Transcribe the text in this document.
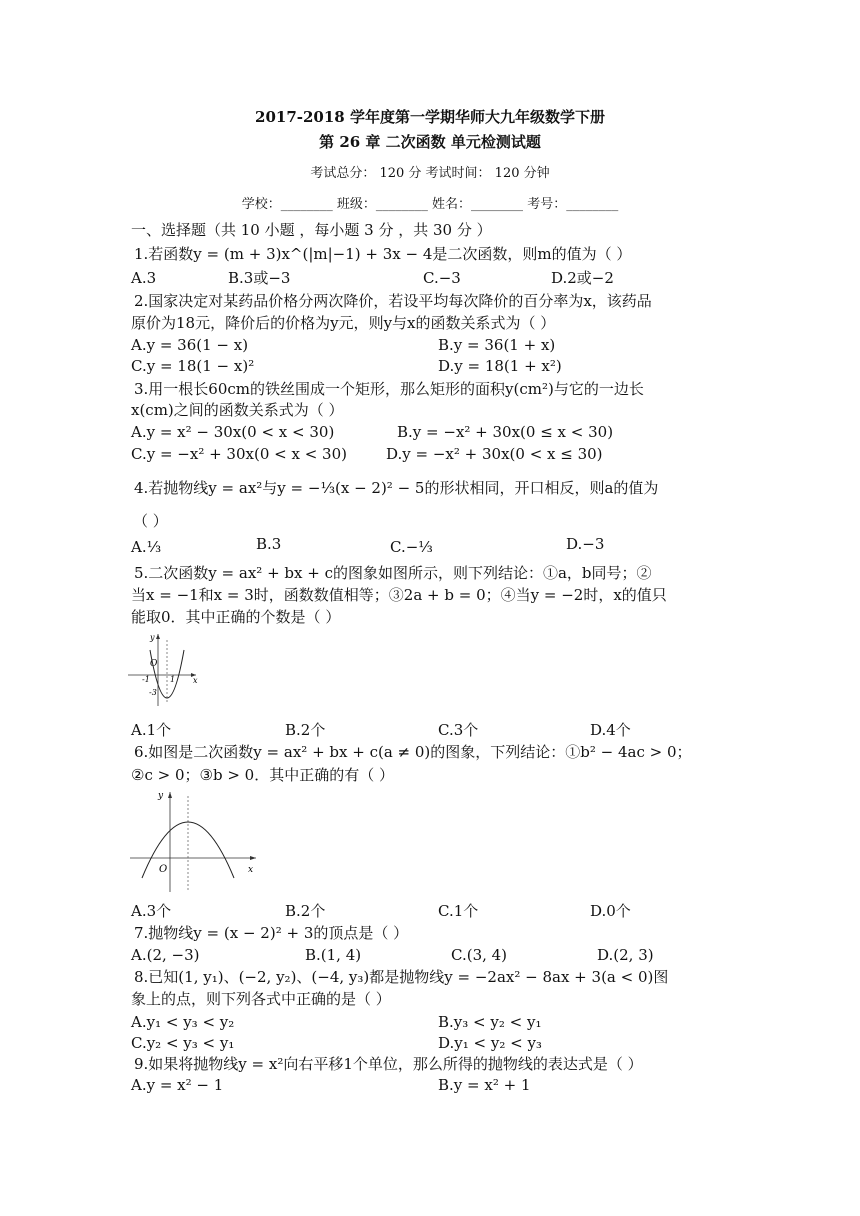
2017-2018 学年度第一学期华师大九年级数学下册
第 26 章 二次函数 单元检测试题
考试总分： 120 分 考试时间： 120 分钟
学校：________ 班级：________ 姓名：________ 考号：________
一、选择题（共 10 小题 ，每小题 3 分 ，共 30 分 ）
1.若函数y = (m + 3)x^(|m|−1) + 3x − 4是二次函数，则m的值为（ ）
A.3	B.3或−3	C.−3	D.2或−2
2.国家决定对某药品价格分两次降价，若设平均每次降价的百分率为x，该药品
原价为18元，降价后的价格为y元，则y与x的函数关系式为（ ）
A.y = 36(1 − x)	B.y = 36(1 + x)
C.y = 18(1 − x)²	D.y = 18(1 + x²)
3.用一根长60cm的铁丝围成一个矩形，那么矩形的面积y(cm²)与它的一边长
x(cm)之间的函数关系式为（ ）
A.y = x² − 30x(0 < x < 30)	B.y = −x² + 30x(0 ≤ x < 30)
C.y = −x² + 30x(0 < x < 30)	D.y = −x² + 30x(0 < x ≤ 30)
4.若抛物线y = ax²与y = −⅓(x − 2)² − 5的形状相同，开口相反，则a的值为
（ ）
A.⅓	B.3	C.−⅓	D.−3
5.二次函数y = ax² + bx + c的图象如图所示，则下列结论：①a，b同号；②
当x = −1和x = 3时，函数数值相等；③2a + b = 0；④当y = −2时，x的值只
能取0．其中正确的个数是（ ）
y
x
O
-1	1
-3
A.1个	B.2个	C.3个	D.4个
6.如图是二次函数y = ax² + bx + c(a ≠ 0)的图象，下列结论：①b² − 4ac > 0；
②c > 0；③b > 0．其中正确的有（ ）
y
x
O
A.3个	B.2个	C.1个	D.0个
7.抛物线y = (x − 2)² + 3的顶点是（ ）
A.(2, −3)	B.(1, 4)	C.(3, 4)	D.(2, 3)
8.已知(1, y₁)、(−2, y₂)、(−4, y₃)都是抛物线y = −2ax² − 8ax + 3(a < 0)图
象上的点，则下列各式中正确的是（ ）
A.y₁ < y₃ < y₂	B.y₃ < y₂ < y₁
C.y₂ < y₃ < y₁	D.y₁ < y₂ < y₃
9.如果将抛物线y = x²向右平移1个单位，那么所得的抛物线的表达式是（ ）
A.y = x² − 1	B.y = x² + 1
